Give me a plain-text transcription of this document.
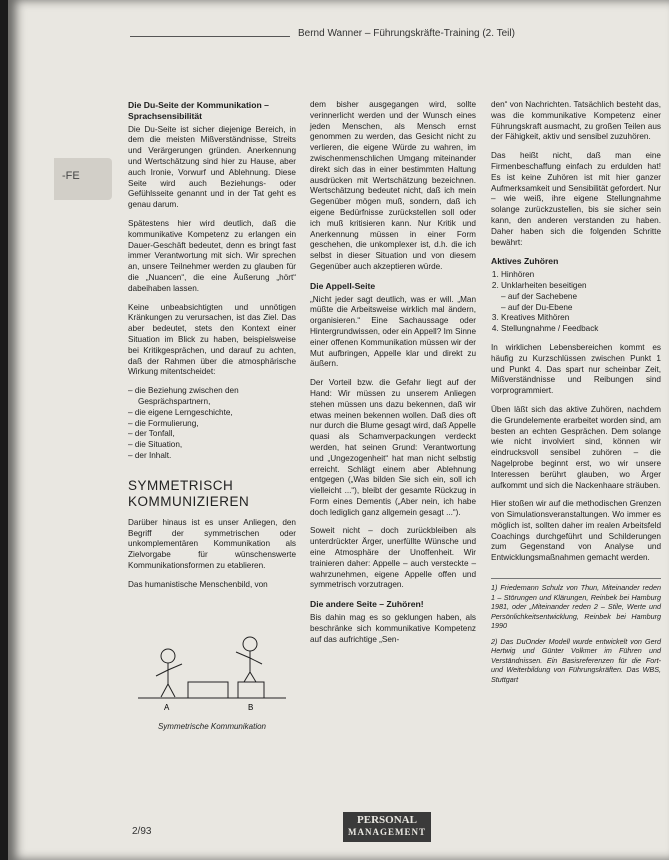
Bernd Wanner – Führungskräfte-Training (2. Teil)
-FE
Die Du-Seite der Kommunikation – Sprachsensibilität

Die Du-Seite ist sicher diejenige Bereich, in dem die meisten Mißverständnisse, Streits und Verärgerungen gründen. Anerkennung und Wertschätzung sind hier zu Hause, aber auch Ironie, Vorwurf und Ablehnung. Diese Seite wird auch Beziehungs- oder Gefühlsseite genannt und in der Tat geht es genau darum.

Spätestens hier wird deutlich, daß die kommunikative Kompetenz zu erlangen ein Dauer-Geschäft bedeutet, denn es bringt fast immer Verantwortung mit sich. Wir sprechen an, unsere Teilnehmer werden zu glauben für die „Nuancen“, die eine Äußerung „hört“ dabeihaben lassen.

Keine unbeabsichtigten und unnötigen Kränkungen zu verursachen, ist das Ziel. Das aber bedeutet, stets den Kontext einer Situation im Blick zu haben, beispielsweise bei Kritikgesprächen, und darauf zu achten, daß der Rahmen über die atmosphärische Wirkung mitentscheidet:

– die Beziehung zwischen den Gesprächspartnern,
– die eigene Lerngeschichte,
– die Formulierung,
– der Tonfall,
– die Situation,
– der Inhalt.
SYMMETRISCH KOMMUNIZIEREN

Darüber hinaus ist es unser Anliegen, den Begriff der symmetrischen oder unkomplementären Kommunikation als Zielvorgabe für wünschenswerte Kommunikationsformen zu etablieren.

Das humanistische Menschenbild, von

A	B
Symmetrische Kommunikation

dem bisher ausgegangen wird, sollte verinnerlicht werden und der Wunsch eines jeden Menschen, als Mensch ernst genommen zu werden, das Gesicht nicht zu verlieren, die eigene Würde zu wahren, im zwischenmenschlichen Umgang miteinander direkt sich das in einer bestimmten Haltung ausdrücken mit Wertschätzung bezeichnen. Wertschätzung bedeutet nicht, daß ich mein Gegenüber mögen muß, sondern, daß ich eigene Bedürfnisse zurückstellen soll oder ich muß kritisieren kann. Nur Kritik und Anerkennung müssen in einer Form geschehen, die unkomplexer ist, d.h. die ich selbst in dieser Situation und von diesem Gegenüber auch akzeptieren würde.

Die Appell-Seite

„Nicht jeder sagt deutlich, was er will. „Man müßte die Arbeitsweise wirklich mal ändern, organisieren.“ Eine Sachaussage oder Hintergrundwissen, oder ein Appell? Im Sinne einer offenen Kommunikation müssen wir der Mut aufbringen, Appelle klar und direkt zu äußern.

Der Vorteil bzw. die Gefahr liegt auf der Hand: Wir müssen zu unserem Anliegen stehen müssen uns dazu bekennen, daß wir etwas meinen bekennen wollen. Daß dies oft nur durch die Blume gesagt wird, daß Appelle quasi als Schamverpackungen verdeckt werden, hat seinen Grund: Verantwortung und „Ungezogenheit“ hat man nicht selbstig erreicht. Schlägt einem aber Ablehnung entgegen („Was bilden Sie sich ein, soll ich vielleicht ...“), bleibt der gesamte Rückzug in Form eines Dementis („Aber nein, ich habe doch lediglich ganz allgemein gesagt ...“).

Soweit nicht – doch zurückbleiben als unterdrückter Ärger, unerfüllte Wünsche und eine Atmosphäre der Unoffenheit. Wir trainieren daher: Appelle – auch versteckte – wahrzunehmen, eigene Appelle offen und symmetrisch vorzutragen.

Die andere Seite – Zuhören!

Bis dahin mag es so geklungen haben, als beschränke sich kommunikative Kompetenz auf das aufrichtige „Sen-

den“ von Nachrichten. Tatsächlich besteht das, was die kommunikative Kompetenz einer Führungskraft ausmacht, zu großen Teilen aus der Fähigkeit, aktiv und sensibel zuzuhören.

Das heißt nicht, daß man eine Firmenbeschaffung einfach zu erdulden hat! Es ist keine Zuhören ist mit hier ganzer Aufmerksamkeit und Sensibilität gefordert. Nur – wie weiß, ihre eigene Stellungnahme solange zurückzustellen, bis sie sicher sein kann, den anderen verstanden zu haben. Daher haben sich die folgenden Schritte bewährt:

Aktives Zuhören
1. Hinhören
2. Unklarheiten beseitigen
– auf der Sachebene
– auf der Du-Ebene
3. Kreatives Mithören
4. Stellungnahme / Feedback

In wirklichen Lebensbereichen kommt es häufig zu Kurzschlüssen zwischen Punkt 1 und Punkt 4. Das spart nur scheinbar Zeit, Mißverständnisse und Reibungen sind vorprogrammiert.

Üben läßt sich das aktive Zuhören, nachdem die Grundelemente erarbeitet worden sind, am besten an echten Gesprächen. Dem solange wie nicht involviert sind, können wir eindrucksvoll sensibel zuhören – die Nagelprobe beginnt erst, wo wir unsere Interessen berührt glauben, wo Ärger aufkommt und sich die Nackenhaare sträuben.

Hier stoßen wir auf die methodischen Grenzen von Simulationsveranstaltungen. Wo immer es möglich ist, sollten daher im realen Arbeitsfeld Coachings durchgeführt und Schilderungen zum Gegenstand von Analyse und Entwicklungsmaßnahmen gemacht werden.

1) Friedemann Schulz von Thun, Miteinander reden 1 – Störungen und Klärungen, Reinbek bei Hamburg 1981, oder „Miteinander reden 2 – Stile, Werte und Persönlichkeitsentwicklung, Reinbek bei Hamburg 1990

2) Das DuOnder Modell wurde entwickelt von Gerd Hertwig und Günter Volkmer im Führen und Verständnissen. Ein Basisreferenzen für die Fort- und Weiterbildung von Führungskräften. Das WBS, Stuttgart

2/93
PERSONAL
MANAGEMENT
